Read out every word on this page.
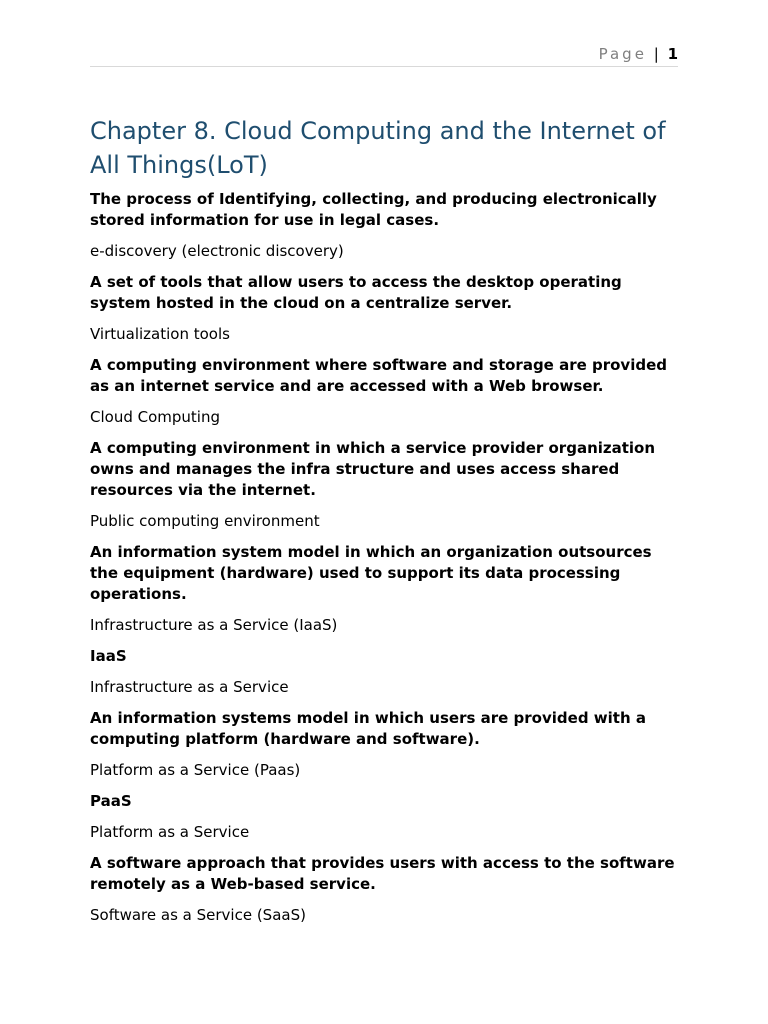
Page | 1
Chapter 8. Cloud Computing and the Internet of All Things(LoT)

The process of Identifying, collecting, and producing electronically
stored information for use in legal cases.

e-discovery (electronic discovery)

A set of tools that allow users to access the desktop operating
system hosted in the cloud on a centralize server.

Virtualization tools

A computing environment where software and storage are provided
as an internet service and are accessed with a Web browser.

Cloud Computing

A computing environment in which a service provider organization
owns and manages the infra structure and uses access shared
resources via the internet.

Public computing environment

An information system model in which an organization outsources
the equipment (hardware) used to support its data processing
operations.

Infrastructure as a Service (IaaS)

IaaS

Infrastructure as a Service

An information systems model in which users are provided with a
computing platform (hardware and software).

Platform as a Service (Paas)

PaaS

Platform as a Service

A software approach that provides users with access to the software
remotely as a Web-based service.

Software as a Service (SaaS)
